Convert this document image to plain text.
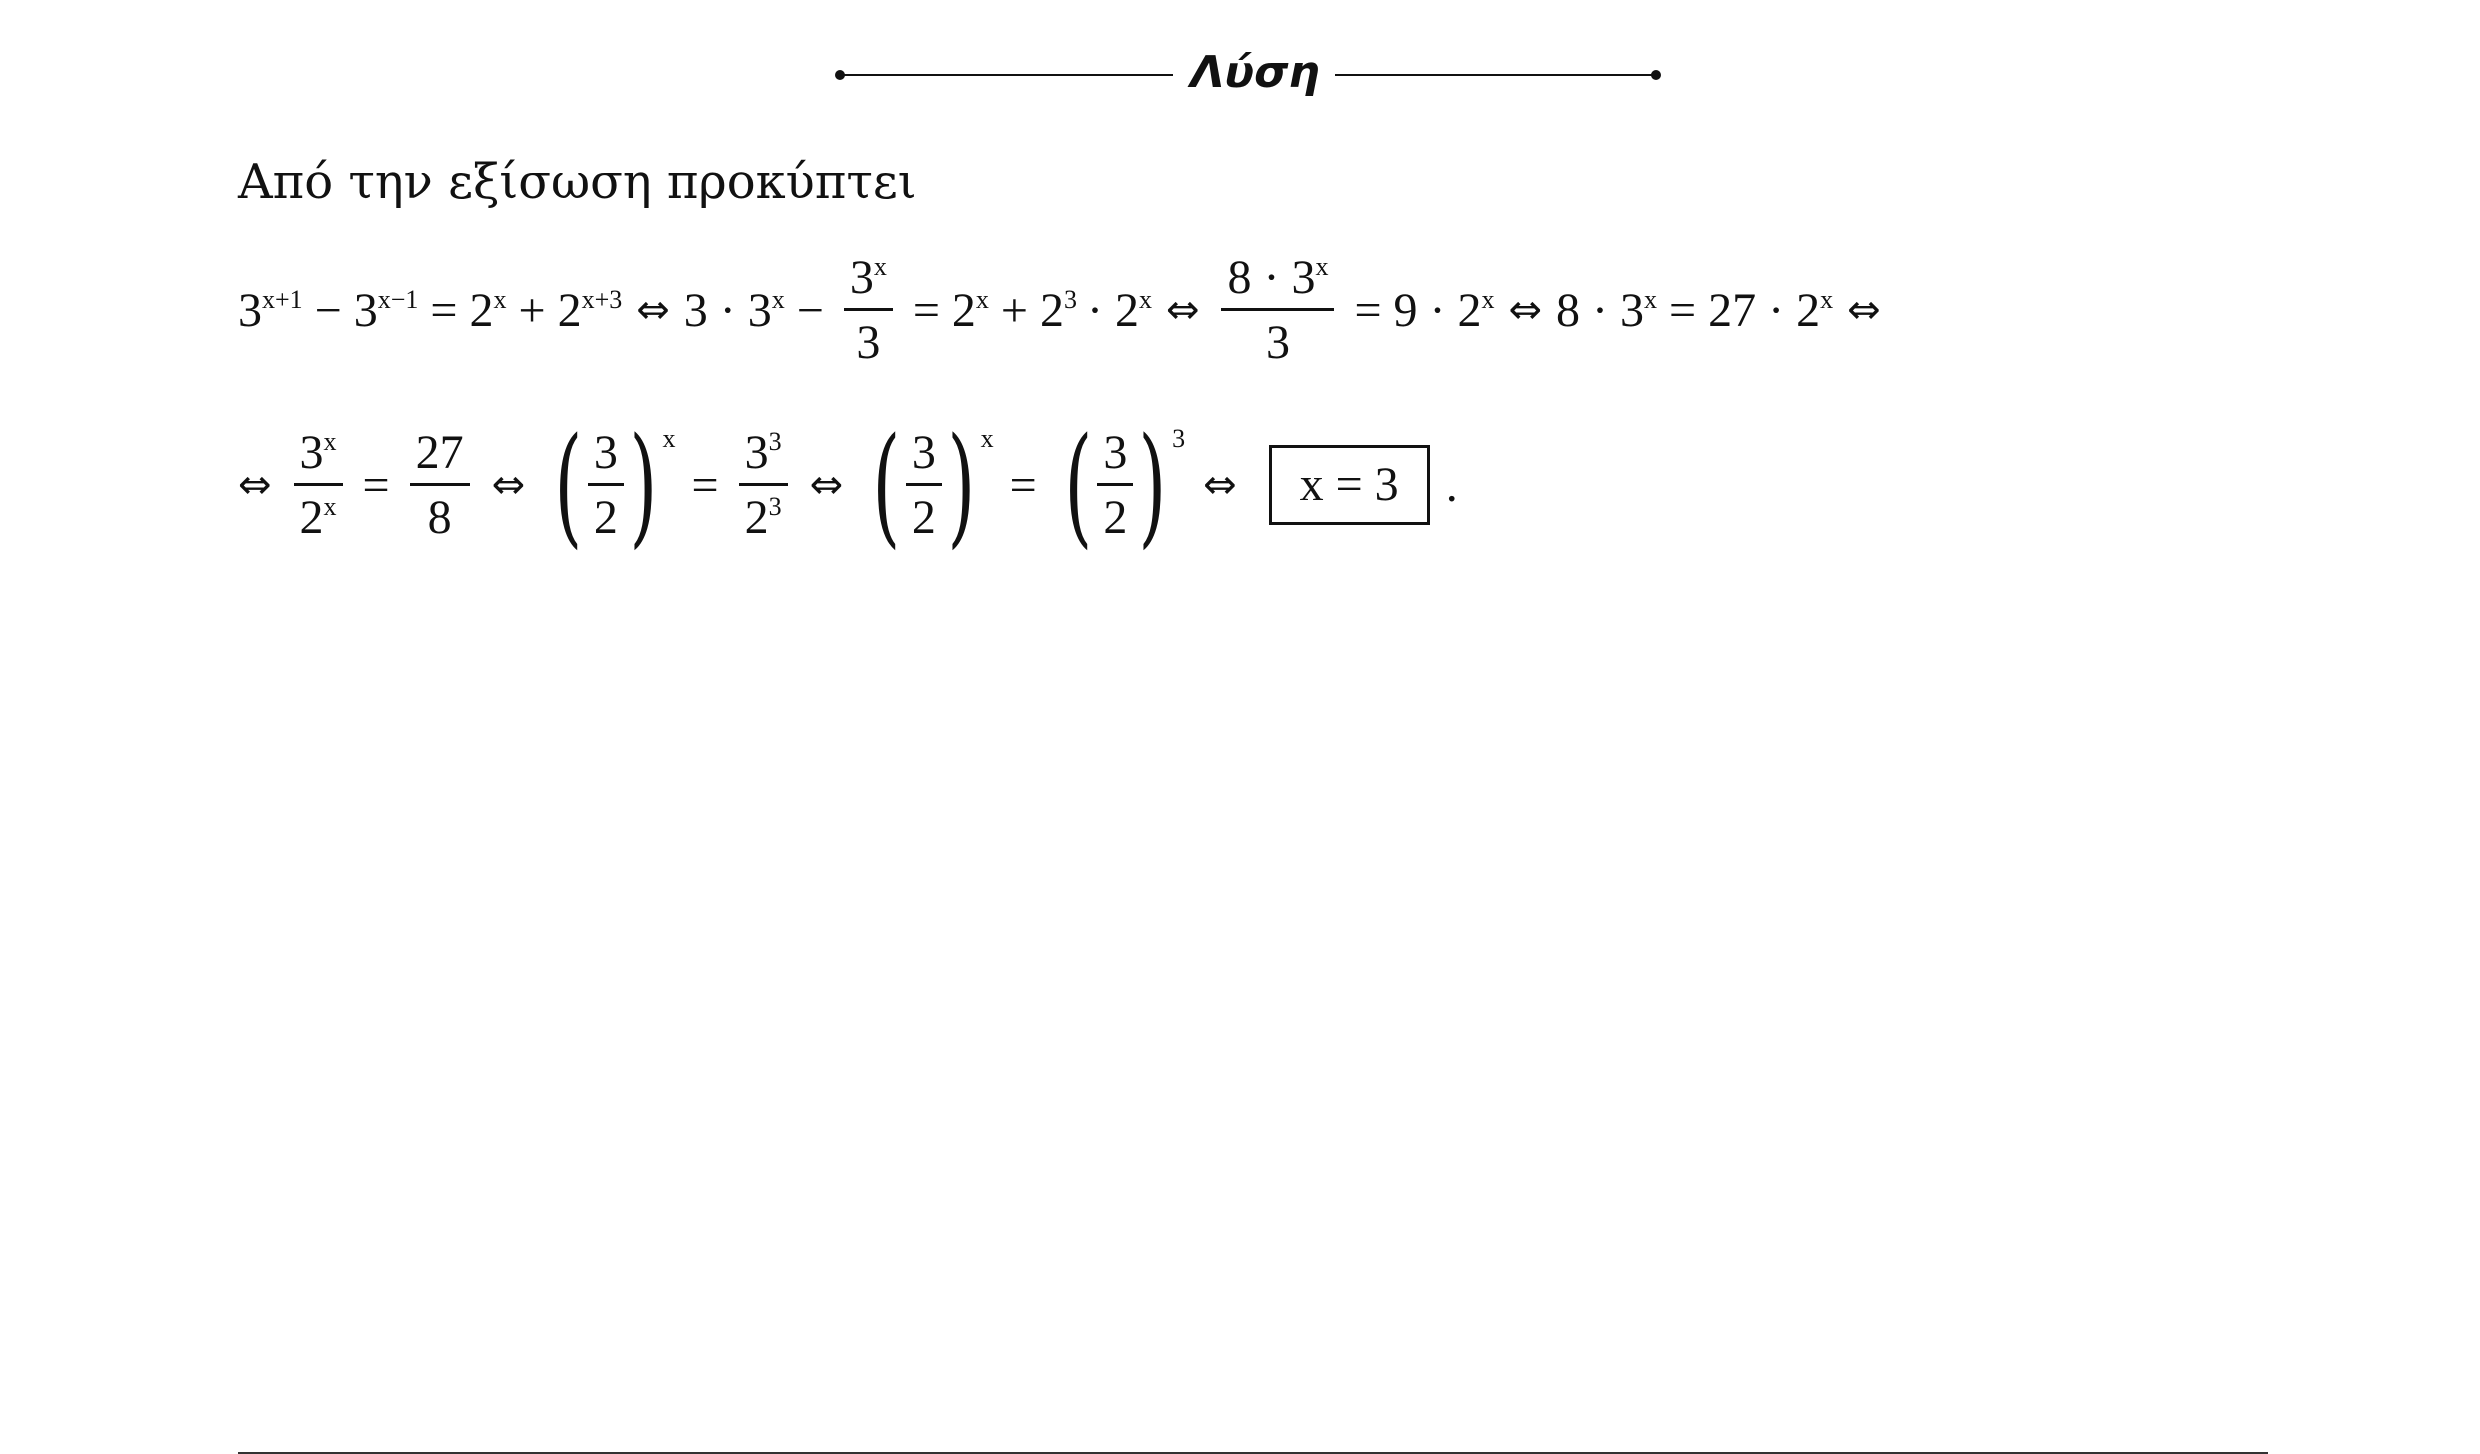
Λύση
Από την εξίσωση προκύπτει
$3^{x+1} - 3^{x-1} = 2^x + 2^{x+3}$ ⇔ $3 \cdot 3^x - \frac{3^x}{3} = 2^x + 2^3 \cdot 2^x$ ⇔ $\frac{8 \cdot 3^x}{3} = 9 \cdot 2^x$ ⇔ $8 \cdot 3^x = 27 \cdot 2^x$ ⇔
⇔ $\frac{3^x}{2^x} = \frac{27}{8}$ ⇔ ( $\frac{3}{2}$ ) x
= $\frac{3^3}{2^3}$ ⇔ ( $\frac{3}{2}$ ) x
= ( $\frac{3}{2}$ ) 3
⇔	x = 3 .
